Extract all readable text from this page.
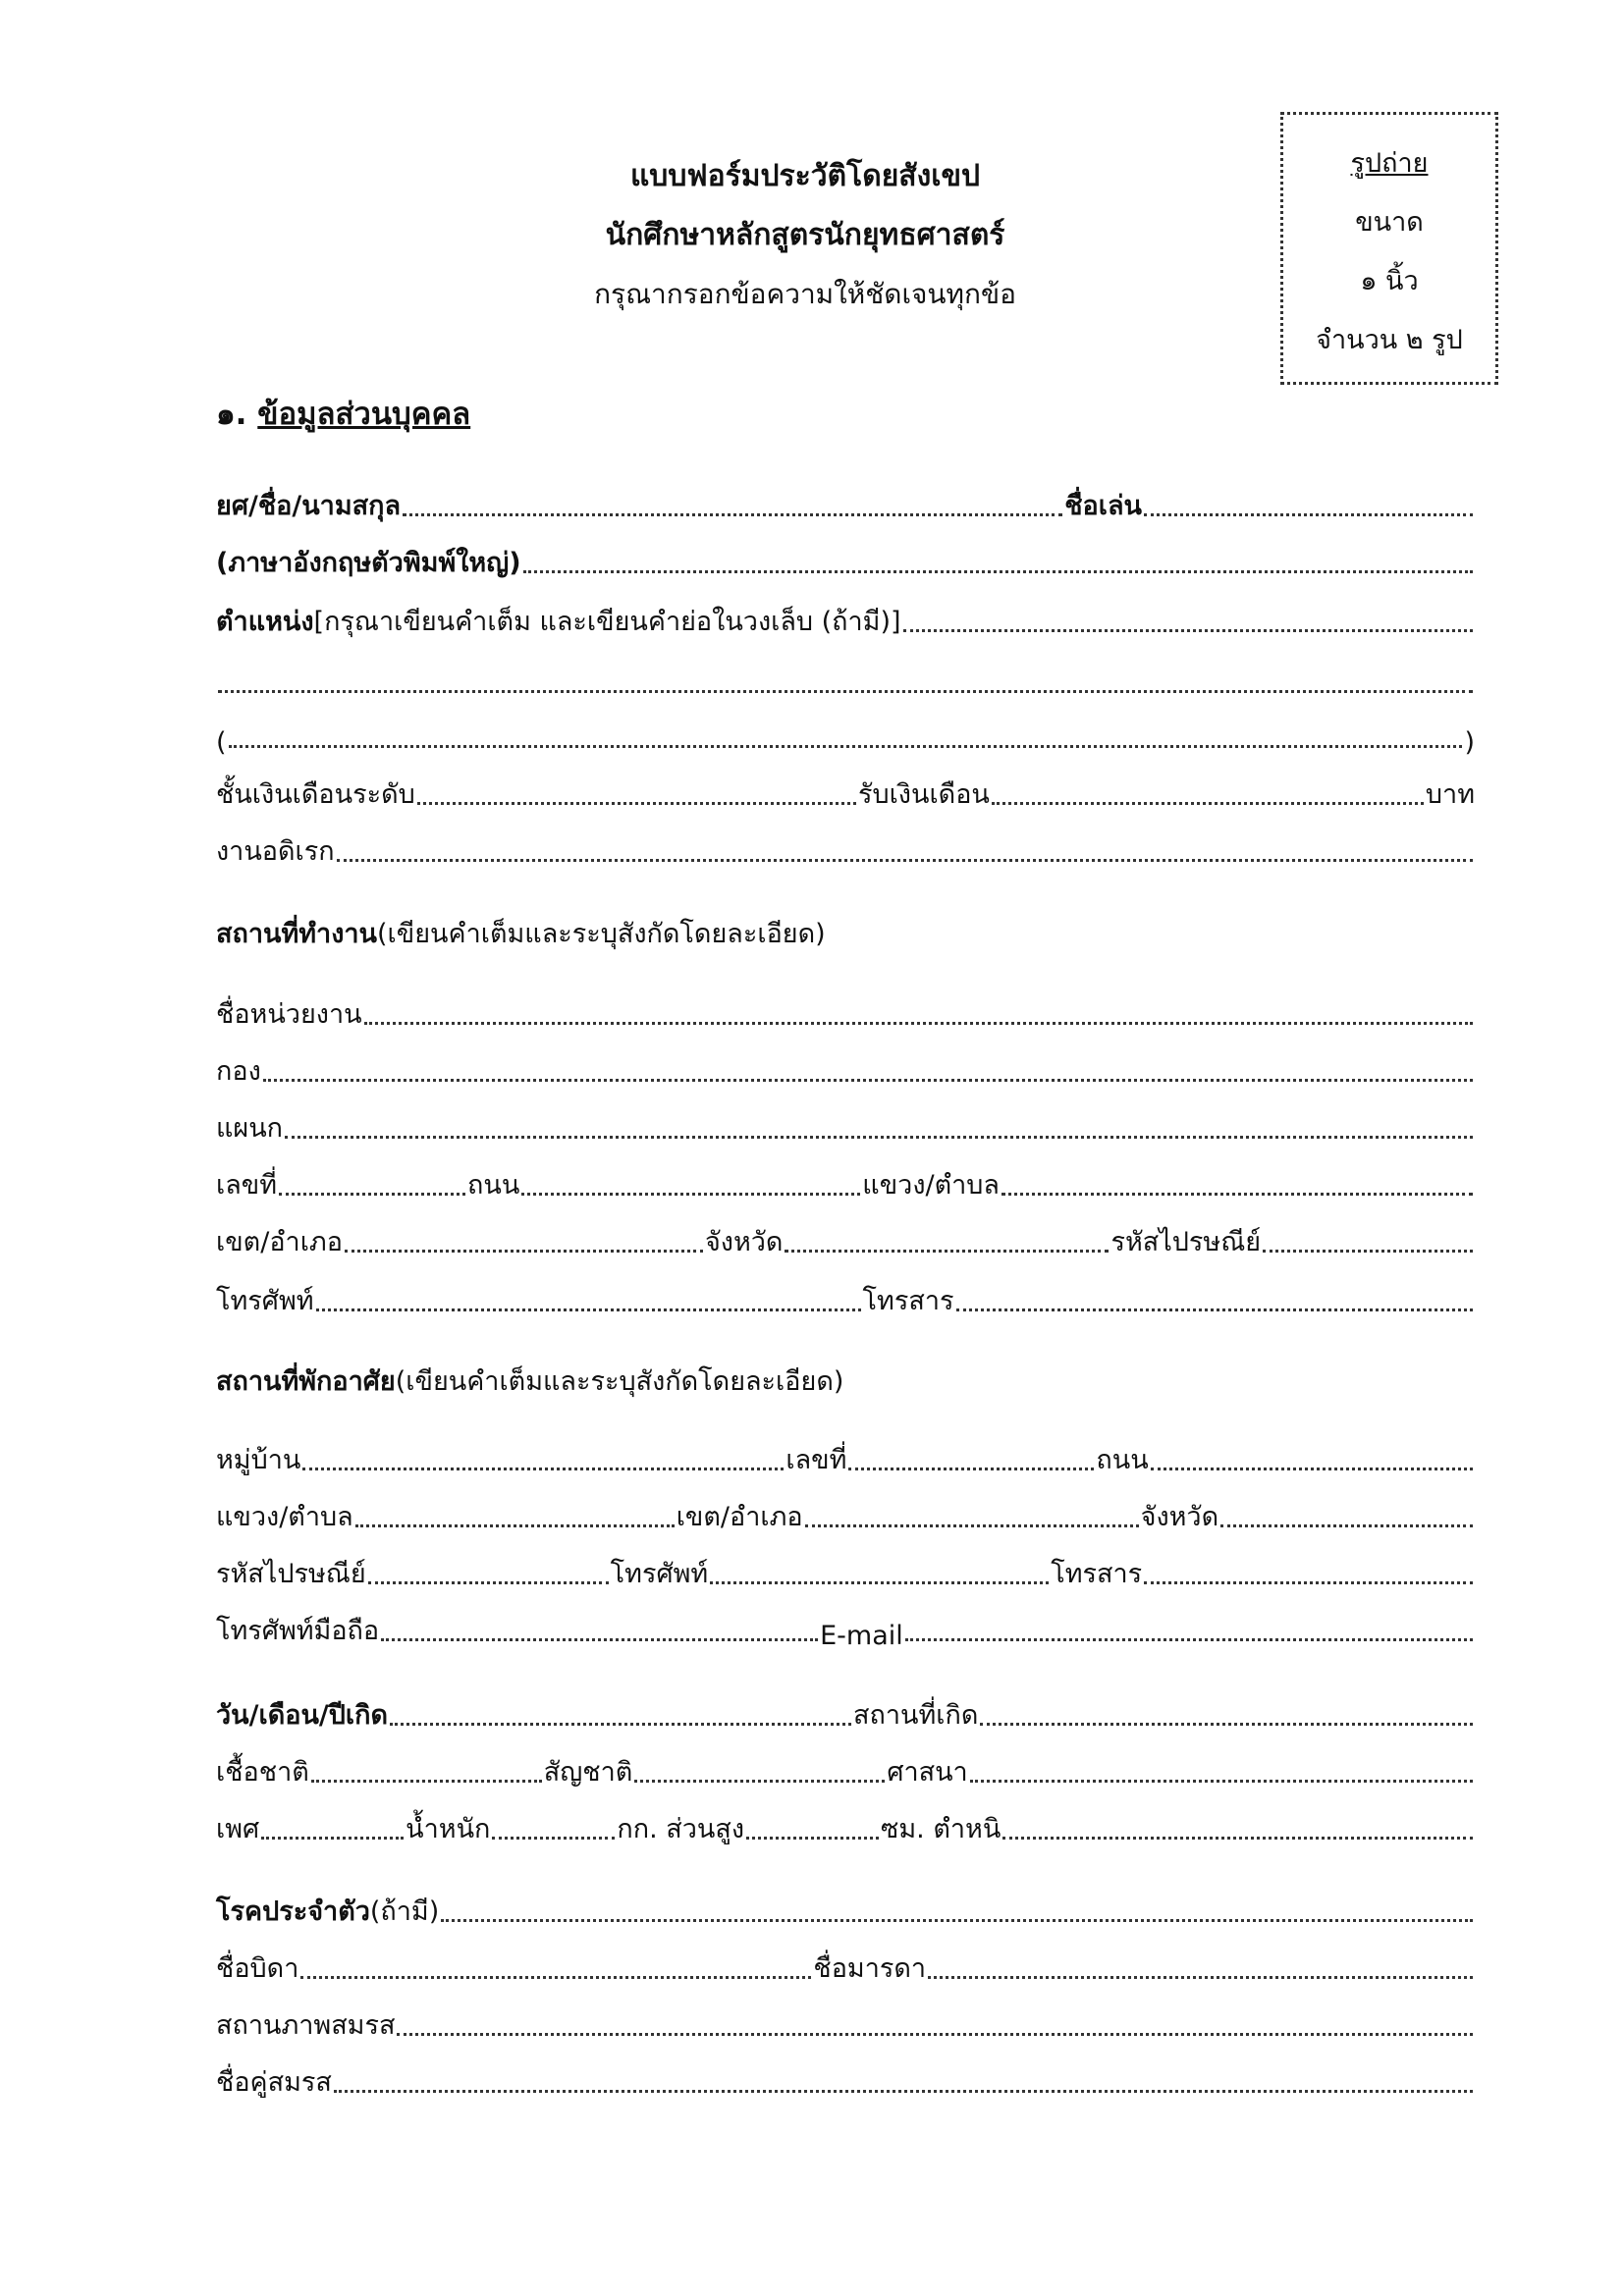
แบบฟอร์มประวัติโดยสังเขป
นักศึกษาหลักสูตรนักยุทธศาสตร์
กรุณากรอกข้อความให้ชัดเจนทุกข้อ
รูปถ่าย
ขนาด
๑ นิ้ว
จำนวน ๒ รูป
๑. ข้อมูลส่วนบุคคล
ยศ/ชื่อ/นามสกุล	ชื่อเล่น
(ภาษาอังกฤษตัวพิมพ์ใหญ่)
ตำแหน่ง [กรุณาเขียนคำเต็ม และเขียนคำย่อในวงเล็บ (ถ้ามี)]
(	)
ชั้นเงินเดือนระดับ	รับเงินเดือน	บาท
งานอดิเรก
สถานที่ทำงาน (เขียนคำเต็มและระบุสังกัดโดยละเอียด)
ชื่อหน่วยงาน
กอง
แผนก
เลขที่	ถนน	แขวง/ตำบล
เขต/อำเภอ	จังหวัด	รหัสไปรษณีย์
โทรศัพท์	โทรสาร
สถานที่พักอาศัย (เขียนคำเต็มและระบุสังกัดโดยละเอียด)
หมู่บ้าน	เลขที่	ถนน
แขวง/ตำบล	เขต/อำเภอ	จังหวัด
รหัสไปรษณีย์	โทรศัพท์	โทรสาร
โทรศัพท์มือถือ	E-mail
วัน/เดือน/ปีเกิด	สถานที่เกิด
เชื้อชาติ	สัญชาติ	ศาสนา
เพศ	น้ำหนัก	กก. ส่วนสูง	ซม. ตำหนิ
โรคประจำตัว (ถ้ามี)
ชื่อบิดา	ชื่อมารดา
สถานภาพสมรส
ชื่อคู่สมรส
